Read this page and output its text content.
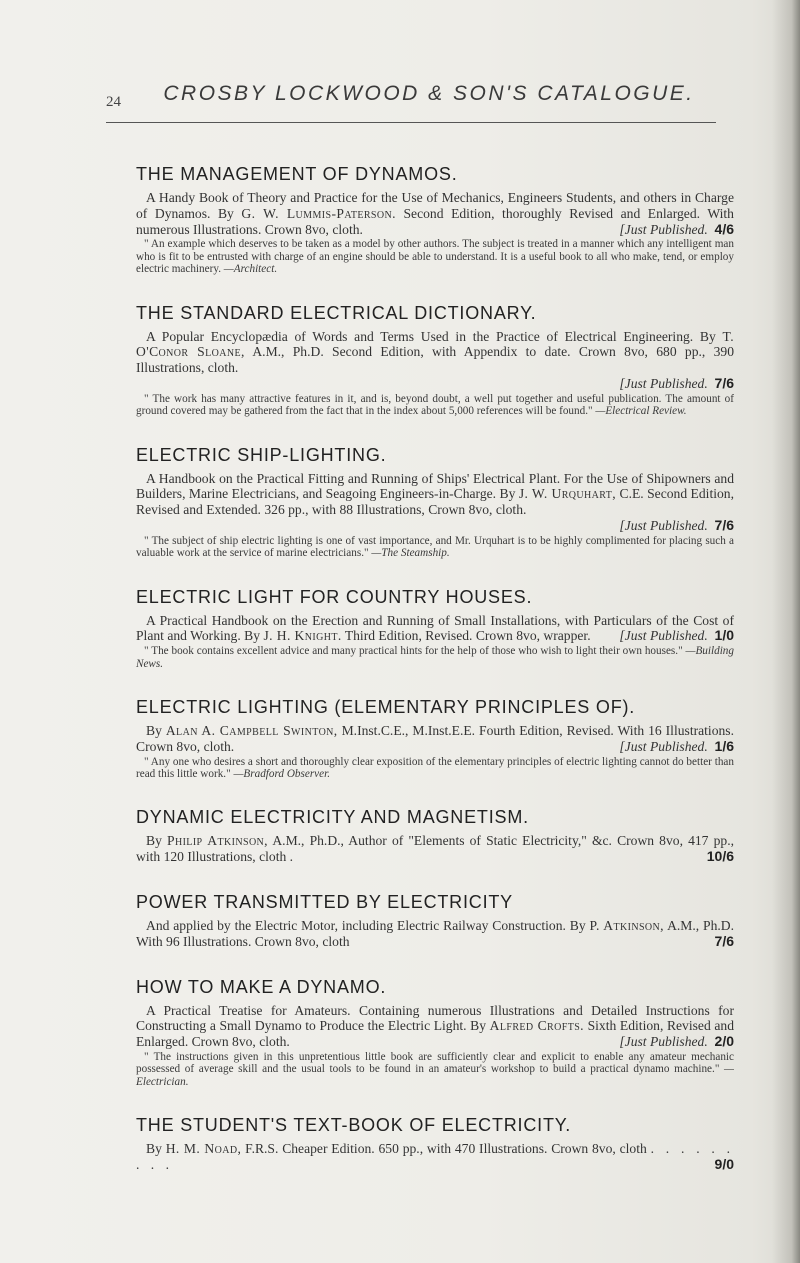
24	CROSBY LOCKWOOD & SON'S CATALOGUE.
THE MANAGEMENT OF DYNAMOS.
A Handy Book of Theory and Practice for the Use of Mechanics, Engineers Students, and others in Charge of Dynamos. By G. W. Lummis-Paterson. Second Edition, thoroughly Revised and Enlarged. With numerous Illustrations. Crown 8vo, cloth.	[Just Published. 4/6
" An example which deserves to be taken as a model by other authors. The subject is treated in a manner which any intelligent man who is fit to be entrusted with charge of an engine should be able to understand. It is a useful book to all who make, tend, or employ electric machinery. —Architect.
THE STANDARD ELECTRICAL DICTIONARY.
A Popular Encyclopædia of Words and Terms Used in the Practice of Electrical Engineering. By T. O'Conor Sloane, A.M., Ph.D. Second Edition, with Appendix to date. Crown 8vo, 680 pp., 390 Illustrations, cloth.
[Just Published. 7/6
" The work has many attractive features in it, and is, beyond doubt, a well put together and useful publication. The amount of ground covered may be gathered from the fact that in the index about 5,000 references will be found." —Electrical Review.
ELECTRIC SHIP-LIGHTING.
A Handbook on the Practical Fitting and Running of Ships' Electrical Plant. For the Use of Shipowners and Builders, Marine Electricians, and Seagoing Engineers-in-Charge. By J. W. Urquhart, C.E. Second Edition, Revised and Extended. 326 pp., with 88 Illustrations, Crown 8vo, cloth.
[Just Published. 7/6
" The subject of ship electric lighting is one of vast importance, and Mr. Urquhart is to be highly complimented for placing such a valuable work at the service of marine electricians." —The Steamship.
ELECTRIC LIGHT FOR COUNTRY HOUSES.
A Practical Handbook on the Erection and Running of Small Installations, with Particulars of the Cost of Plant and Working. By J. H. Knight. Third Edition, Revised. Crown 8vo, wrapper.	[Just Published. 1/0
" The book contains excellent advice and many practical hints for the help of those who wish to light their own houses." —Building News.
ELECTRIC LIGHTING (ELEMENTARY PRINCIPLES OF).
By Alan A. Campbell Swinton, M.Inst.C.E., M.Inst.E.E. Fourth Edition, Revised. With 16 Illustrations. Crown 8vo, cloth.	[Just Published. 1/6
" Any one who desires a short and thoroughly clear exposition of the elementary principles of electric lighting cannot do better than read this little work." —Bradford Observer.
DYNAMIC ELECTRICITY AND MAGNETISM.
By Philip Atkinson, A.M., Ph.D., Author of "Elements of Static Electricity," &c. Crown 8vo, 417 pp., with 120 Illustrations, cloth .	10/6
POWER TRANSMITTED BY ELECTRICITY
And applied by the Electric Motor, including Electric Railway Construction. By P. Atkinson, A.M., Ph.D. With 96 Illustrations. Crown 8vo, cloth	7/6
HOW TO MAKE A DYNAMO.
A Practical Treatise for Amateurs. Containing numerous Illustrations and Detailed Instructions for Constructing a Small Dynamo to Produce the Electric Light. By Alfred Crofts. Sixth Edition, Revised and Enlarged. Crown 8vo, cloth.	[Just Published. 2/0
" The instructions given in this unpretentious little book are sufficiently clear and explicit to enable any amateur mechanic possessed of average skill and the usual tools to be found in an amateur's workshop to build a practical dynamo machine." —Electrician.
THE STUDENT'S TEXT-BOOK OF ELECTRICITY.
By H. M. Noad, F.R.S. Cheaper Edition. 650 pp., with 470 Illustrations. Crown 8vo, cloth . . . . . . . . .	9/0
